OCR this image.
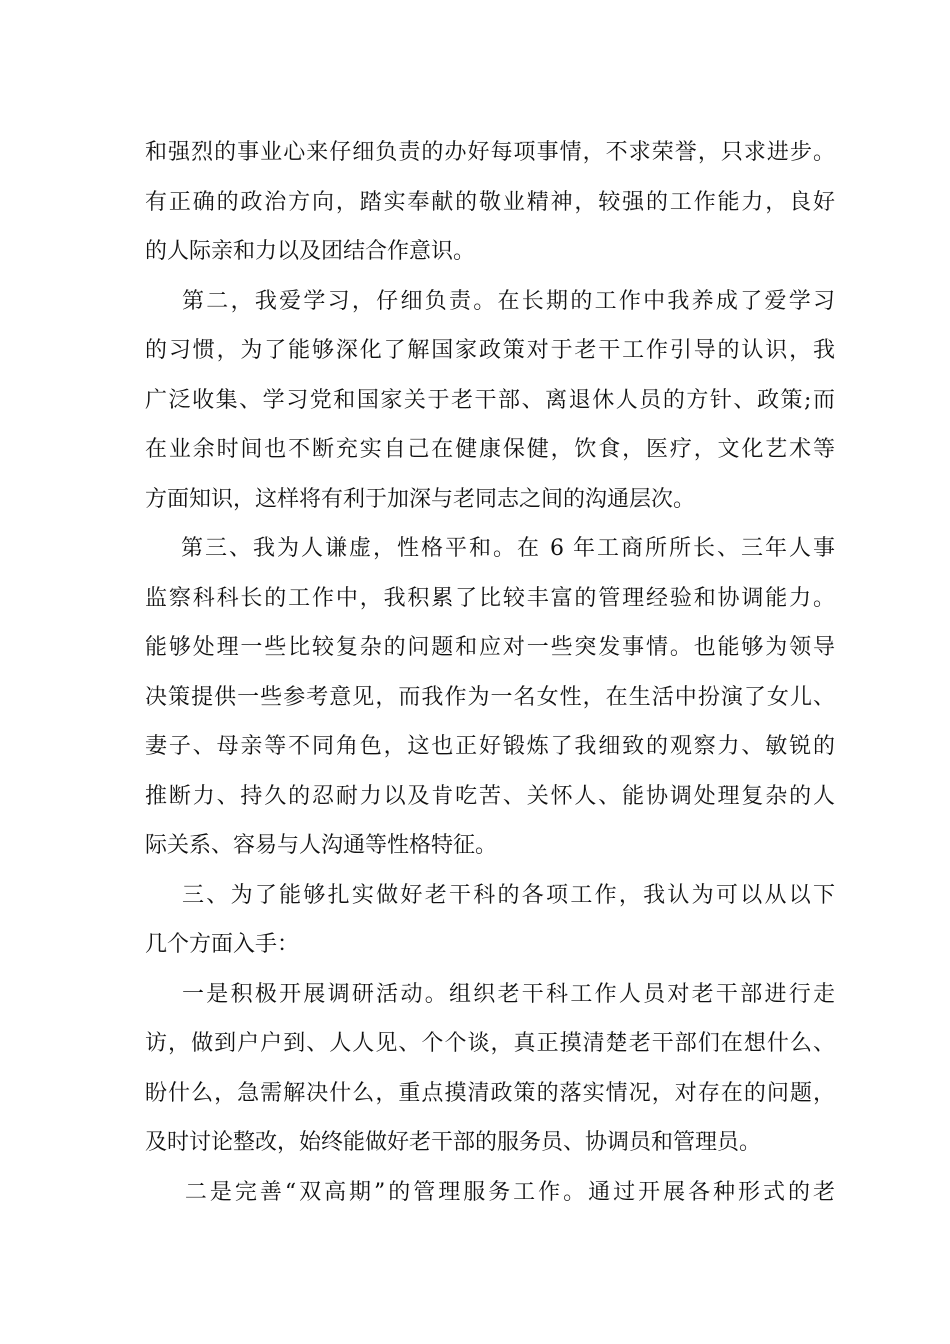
和强烈的事业心来仔细负责的办好每项事情，不求荣誉，只求进步。
有正确的政治方向，踏实奉献的敬业精神，较强的工作能力，良好
的人际亲和力以及团结合作意识。
第二，我爱学习，仔细负责。在长期的工作中我养成了爱学习
的习惯，为了能够深化了解国家政策对于老干工作引导的认识，我
广泛收集、学习党和国家关于老干部、离退休人员的方针、政策;而
在业余时间也不断充实自己在健康保健，饮食，医疗，文化艺术等
方面知识，这样将有利于加深与老同志之间的沟通层次。
第三、我为人谦虚，性格平和。在 6 年工商所所长、三年人事
监察科科长的工作中，我积累了比较丰富的管理经验和协调能力。
能够处理一些比较复杂的问题和应对一些突发事情。也能够为领导
决策提供一些参考意见，而我作为一名女性，在生活中扮演了女儿、
妻子、母亲等不同角色，这也正好锻炼了我细致的观察力、敏锐的
推断力、持久的忍耐力以及肯吃苦、关怀人、能协调处理复杂的人
际关系、容易与人沟通等性格特征。
三、为了能够扎实做好老干科的各项工作，我认为可以从以下
几个方面入手：
一是积极开展调研活动。组织老干科工作人员对老干部进行走
访，做到户户到、人人见、个个谈，真正摸清楚老干部们在想什么、
盼什么，急需解决什么，重点摸清政策的落实情况，对存在的问题，
及时讨论整改，始终能做好老干部的服务员、协调员和管理员。
二是完善“双高期”的管理服务工作。通过开展各种形式的老
